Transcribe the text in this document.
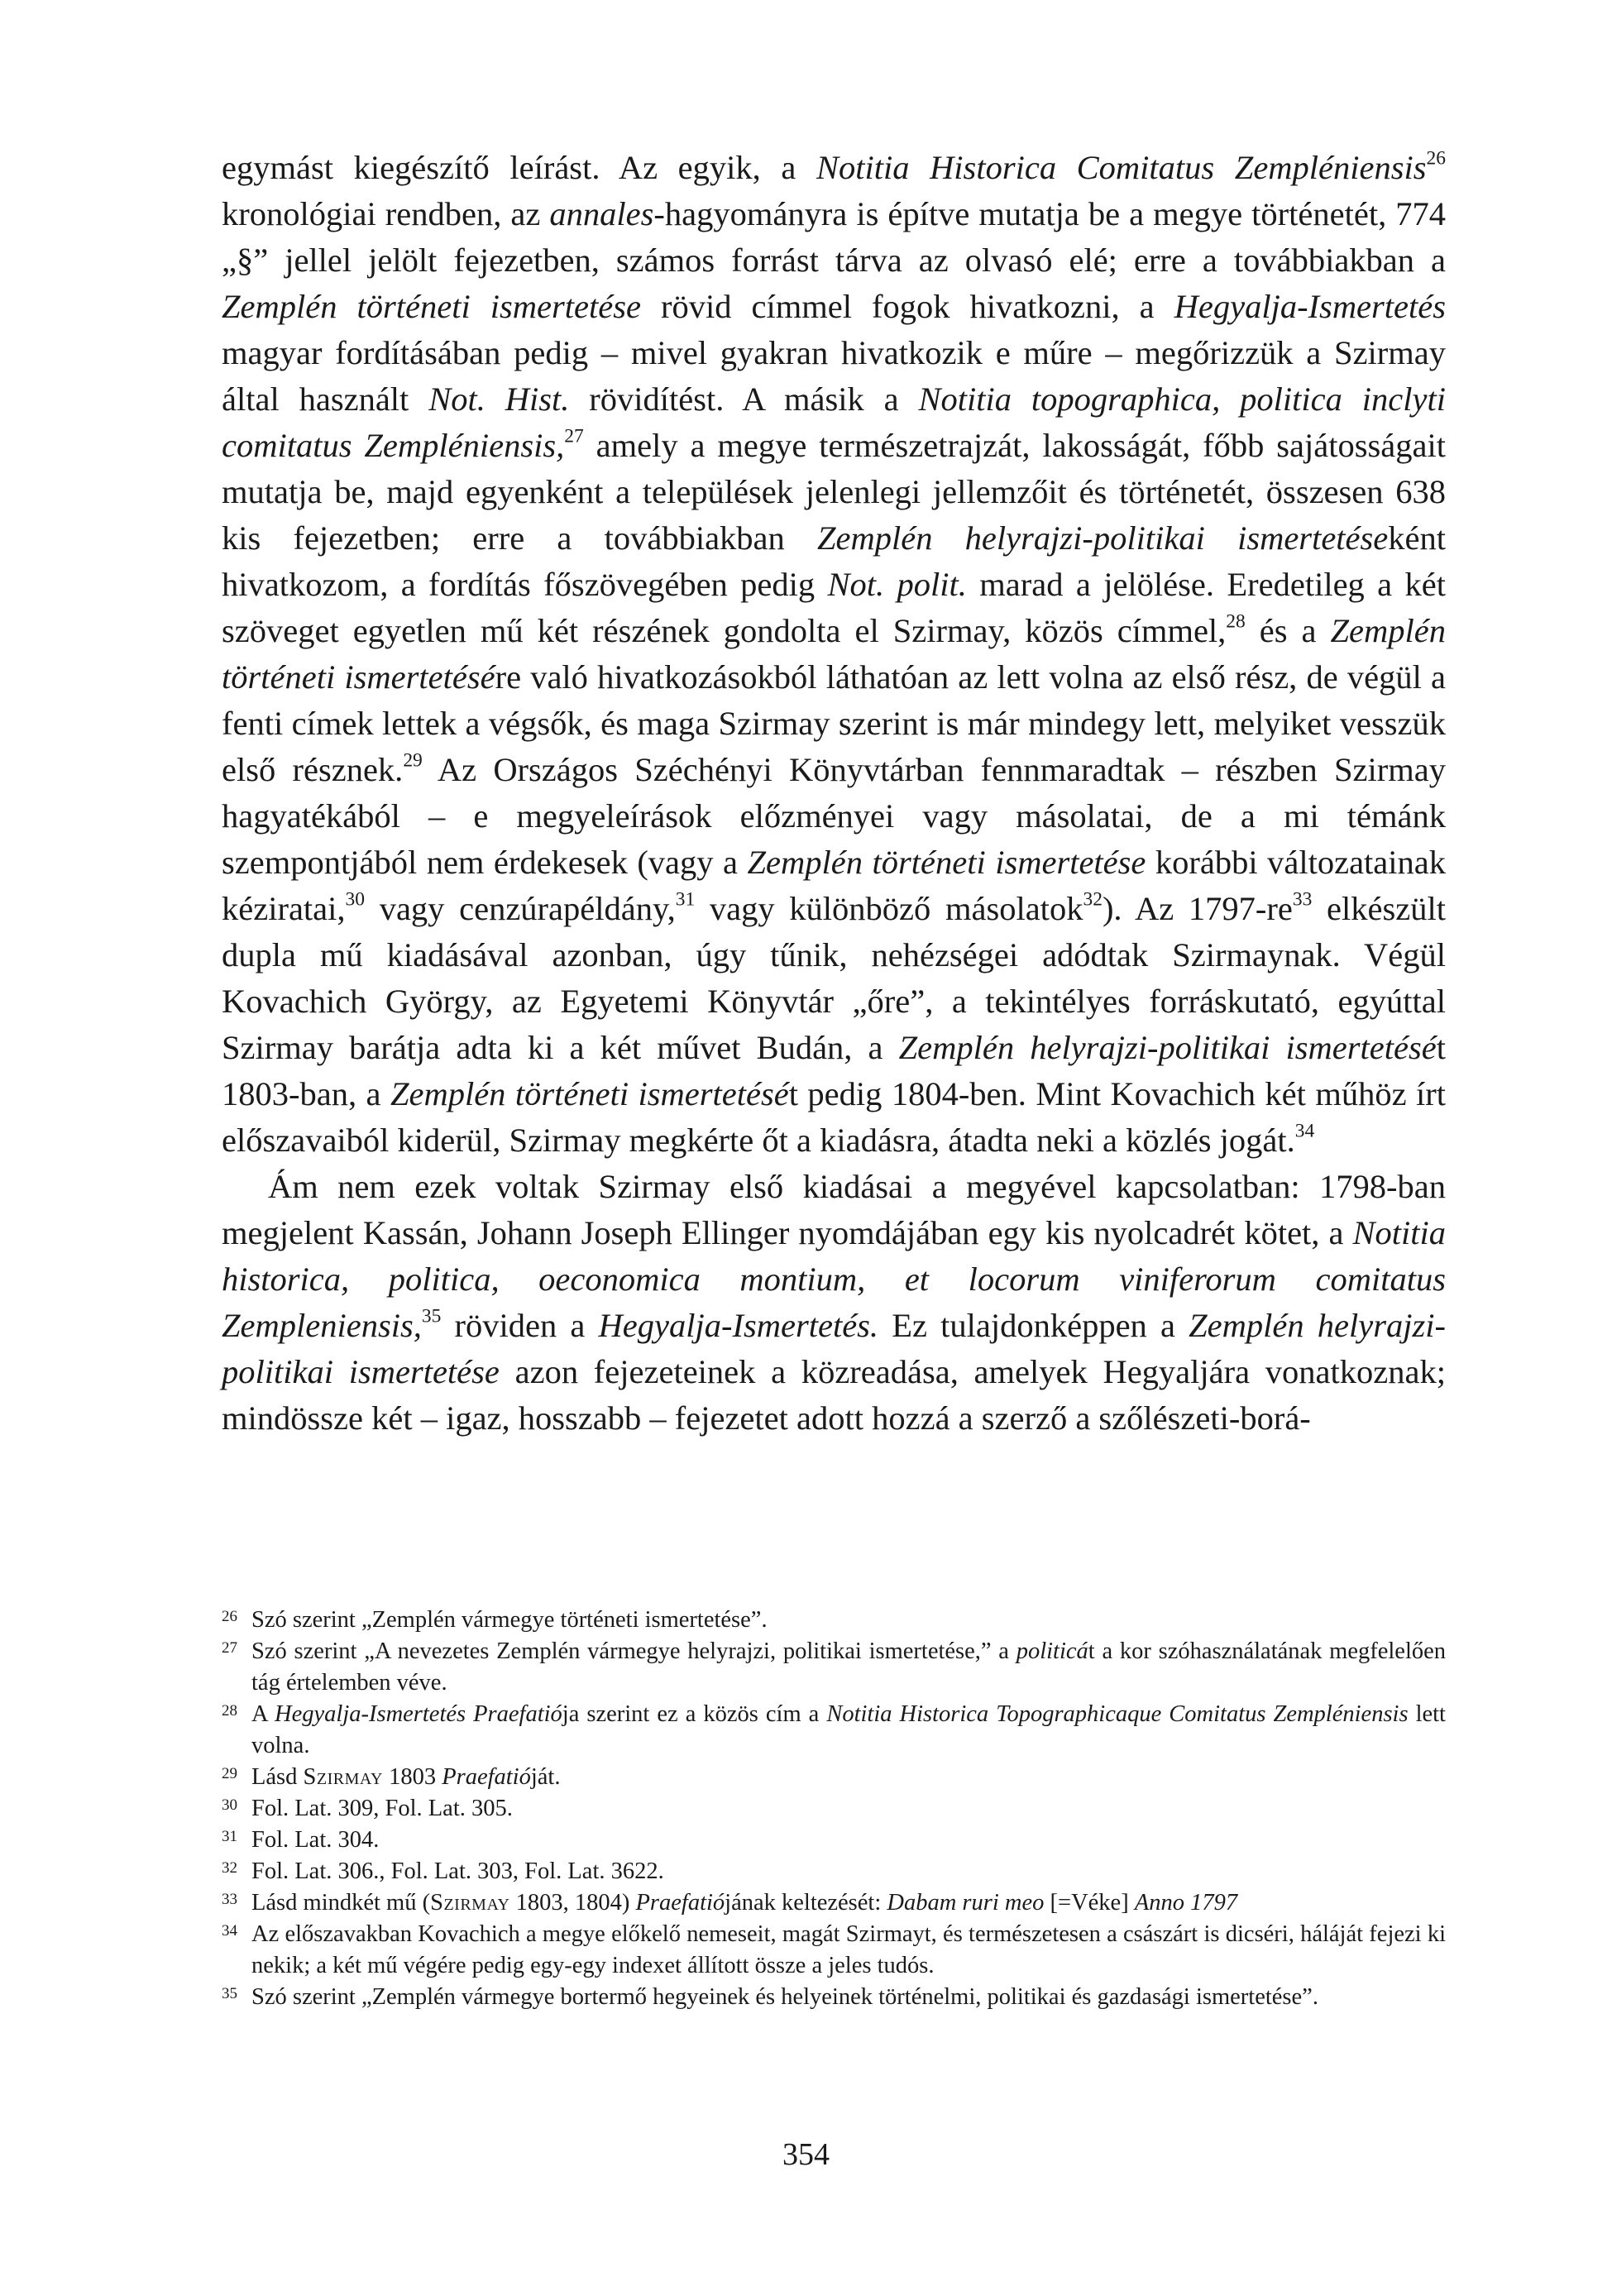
egymást kiegészítő leírást. Az egyik, a Notitia Historica Comitatus Zempléniensis$^{26}$ kronológiai rendben, az annales-hagyományra is építve mutatja be a megye történetét, 774 „§” jellel jelölt fejezetben, számos forrást tárva az olvasó elé; erre a továbbiakban a Zemplén történeti ismertetése rövid címmel fogok hivatkozni, a Hegyalja-Ismertetés magyar fordításában pedig – mivel gyakran hivatkozik e műre – megőrizzük a Szirmay által használt Not. Hist. rövidítést. A másik a Notitia topographica, politica inclyti comitatus Zempléniensis,$^{27}$ amely a megye természetrajzát, lakosságát, főbb sajátosságait mutatja be, majd egyenként a települések jelenlegi jellemzőit és történetét, összesen 638 kis fejezetben; erre a továbbiakban Zemplén helyrajzi-politikai ismertetéseként hivatkozom, a fordítás főszövegében pedig Not. polit. marad a jelölése. Eredetileg a két szöveget egyetlen mű két részének gondolta el Szirmay, közös címmel,$^{28}$ és a Zemplén történeti ismertetésére való hivatkozásokból láthatóan az lett volna az első rész, de végül a fenti címek lettek a végsők, és maga Szirmay szerint is már mindegy lett, melyiket vesszük első résznek.$^{29}$ Az Országos Széchényi Könyvtárban fennmaradtak – részben Szirmay hagyatékából – e megyeleírások előzményei vagy másolatai, de a mi témánk szempontjából nem érdekesek (vagy a Zemplén történeti ismertetése korábbi változatainak kéziratai,$^{30}$ vagy cenzúrapéldány,$^{31}$ vagy különböző másolatok$^{32}$). Az $1797-re^{33}$ elkészült dupla mű kiadásával azonban, úgy tűnik, nehézségei adódtak Szirmaynak. Végül Kovachich György, az Egyetemi Könyvtár „őre”, a tekintélyes forráskutató, egyúttal Szirmay barátja adta ki a két művet Budán, a Zemplén helyrajzi-politikai ismertetését 1803-ban, a Zemplén történeti ismertetését pedig 1804-ben. Mint Kovachich két műhöz írt előszavaiból kiderül, Szirmay megkérte őt a kiadásra, átadta neki a közlés jogát.$^{34}$

Ám nem ezek voltak Szirmay első kiadásai a megyével kapcsolatban: 1798-ban megjelent Kassán, Johann Joseph Ellinger nyomdájában egy kis nyolcadrét kötet, a Notitia historica, politica, oeconomica montium, et locorum viniferorum comitatus Zempleniensis,$^{35}$ röviden a Hegyalja-Ismertetés. Ez tulajdonképpen a Zemplén helyrajzi-politikai ismertetése azon fejezeteinek a közreadása, amelyek Hegyaljára vonatkoznak; mindössze két – igaz, hosszabb – fejezetet adott hozzá a szerző a szőlészeti-borá-

26 Szó szerint „Zemplén vármegye történeti ismertetése”.

27 Szó szerint „A nevezetes Zemplén vármegye helyrajzi, politikai ismertetése,” a politicát a kor szóhasználatának megfelelően tág értelemben véve.

28 A Hegyalja-Ismertetés Praefatiója szerint ez a közös cím a Notitia Historica Topographicaque Comitatus Zempléniensis lett volna.

29 Lásd Szirmay 1803 Praefatióját.

30 Fol. Lat. 309, Fol. Lat. 305.

31 Fol. Lat. 304.

32 Fol. Lat. 306., Fol. Lat. 303, Fol. Lat. 3622.

33 Lásd mindkét mű (Szirmay 1803, 1804) Praefatiójának keltezését: Dabam ruri meo [=Véke] Anno 1797

34 Az előszavakban Kovachich a megye előkelő nemeseit, magát Szirmayt, és természetesen a császárt is dicséri, háláját fejezi ki nekik; a két mű végére pedig egy-egy indexet állított össze a jeles tudós.

35 Szó szerint „Zemplén vármegye bortermő hegyeinek és helyeinek történelmi, politikai és gazdasági ismertetése”.

354
